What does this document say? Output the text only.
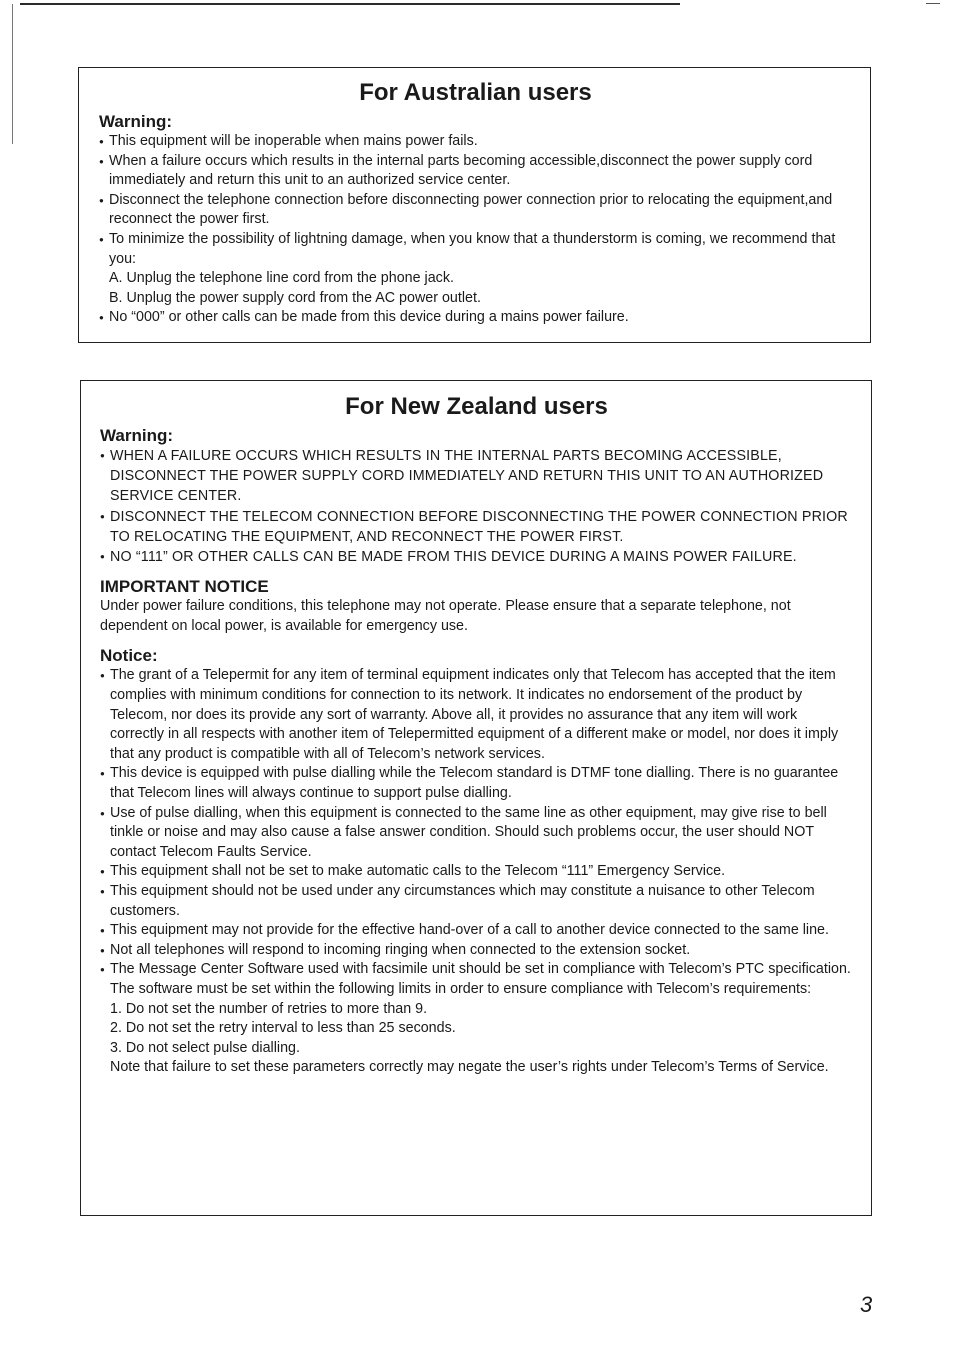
For Australian users
Warning:

● This equipment will be inoperable when mains power fails.

● When a failure occurs which results in the internal parts becoming accessible,disconnect the power supply cord immediately and return this unit to an authorized service center.

● Disconnect the telephone connection before disconnecting power connection prior to relocating the equipment,and reconnect the power first.

● To minimize the possibility of lightning damage, when you know that a thunderstorm is coming, we recommend that you:

A. Unplug the telephone line cord from the phone jack.

B. Unplug the power supply cord from the AC power outlet.

● No “000” or other calls can be made from this device during a mains power failure.

For New Zealand users
Warning:

● WHEN A FAILURE OCCURS WHICH RESULTS IN THE INTERNAL PARTS BECOMING ACCESSIBLE, DISCONNECT THE POWER SUPPLY CORD IMMEDIATELY AND RETURN THIS UNIT TO AN AUTHORIZED SERVICE CENTER.

● DISCONNECT THE TELECOM CONNECTION BEFORE DISCONNECTING THE POWER CONNECTION PRIOR TO RELOCATING THE EQUIPMENT, AND RECONNECT THE POWER FIRST.

● NO “111” OR OTHER CALLS CAN BE MADE FROM THIS DEVICE DURING A MAINS POWER FAILURE.

IMPORTANT NOTICE

Under power failure conditions, this telephone may not operate. Please ensure that a separate telephone, not dependent on local power, is available for emergency use.

Notice:

● The grant of a Telepermit for any item of terminal equipment indicates only that Telecom has accepted that the item complies with minimum conditions for connection to its network. It indicates no endorsement of the product by Telecom, nor does its provide any sort of warranty. Above all, it provides no assurance that any item will work correctly in all respects with another item of Telepermitted equipment of a different make or model, nor does it imply that any product is compatible with all of Telecom’s network services.

● This device is equipped with pulse dialling while the Telecom standard is DTMF tone dialling. There is no guarantee that Telecom lines will always continue to support pulse dialling.

● Use of pulse dialling, when this equipment is connected to the same line as other equipment, may give rise to bell tinkle or noise and may also cause a false answer condition. Should such problems occur, the user should NOT contact Telecom Faults Service.

● This equipment shall not be set to make automatic calls to the Telecom “111” Emergency Service.

● This equipment should not be used under any circumstances which may constitute a nuisance to other Telecom customers.

● This equipment may not provide for the effective hand-over of a call to another device connected to the same line.

● Not all telephones will respond to incoming ringing when connected to the extension socket.

● The Message Center Software used with facsimile unit should be set in compliance with Telecom’s PTC specification.

The software must be set within the following limits in order to ensure compliance with Telecom’s requirements:

1. Do not set the number of retries to more than 9.

2. Do not set the retry interval to less than 25 seconds.

3. Do not select pulse dialling.

Note that failure to set these parameters correctly may negate the user’s rights under Telecom’s Terms of Service.

3
